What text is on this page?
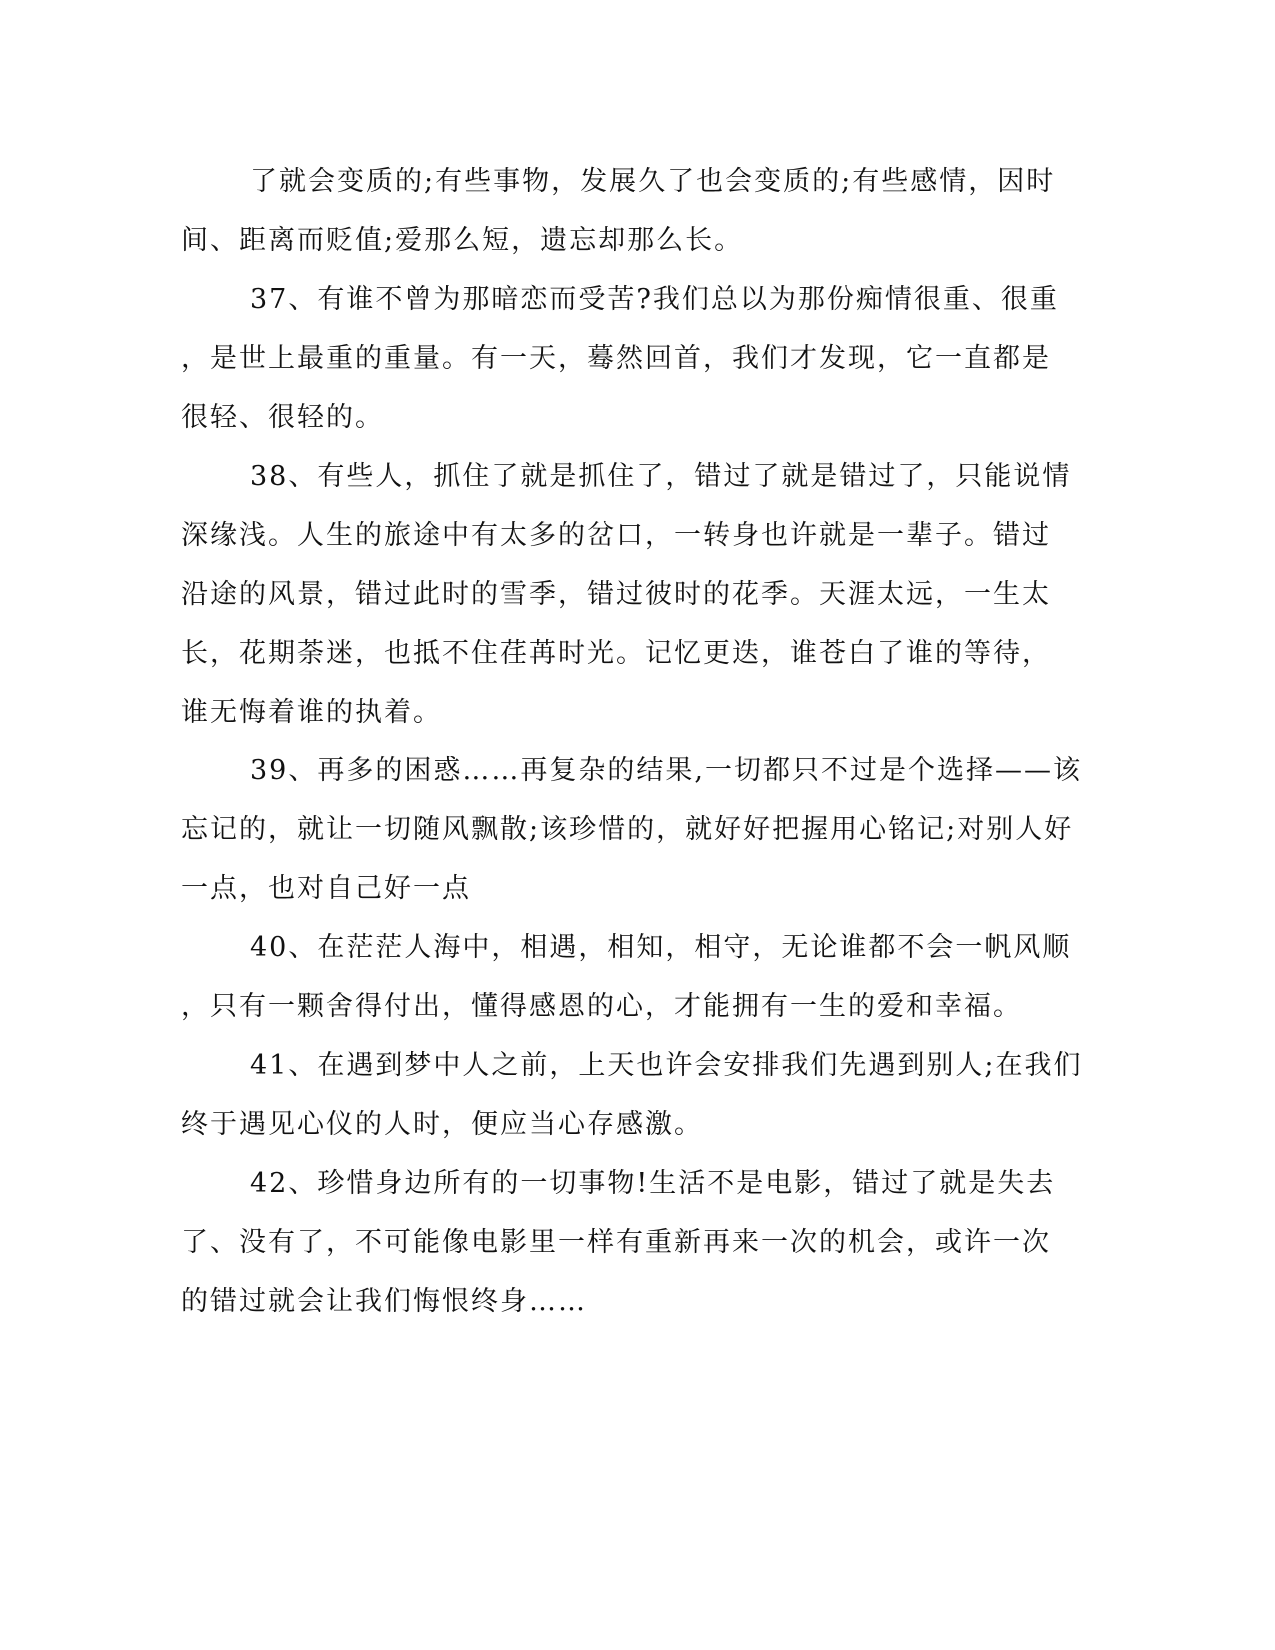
了就会变质的;有些事物，发展久了也会变质的;有些感情，因时
间、距离而贬值;爱那么短，遗忘却那么长。
37、有谁不曾为那暗恋而受苦?我们总以为那份痴情很重、很重
，是世上最重的重量。有一天，蓦然回首，我们才发现，它一直都是
很轻、很轻的。
38、有些人，抓住了就是抓住了，错过了就是错过了，只能说情
深缘浅。人生的旅途中有太多的岔口，一转身也许就是一辈子。错过
沿途的风景，错过此时的雪季，错过彼时的花季。天涯太远，一生太
长，花期荼迷，也抵不住荏苒时光。记忆更迭，谁苍白了谁的等待，
谁无悔着谁的执着。
39、再多的困惑……再复杂的结果,一切都只不过是个选择——该
忘记的，就让一切随风飘散;该珍惜的，就好好把握用心铭记;对别人好
一点，也对自己好一点
40、在茫茫人海中，相遇，相知，相守，无论谁都不会一帆风顺
，只有一颗舍得付出，懂得感恩的心，才能拥有一生的爱和幸福。
41、在遇到梦中人之前，上天也许会安排我们先遇到别人;在我们
终于遇见心仪的人时，便应当心存感激。
42、珍惜身边所有的一切事物!生活不是电影，错过了就是失去
了、没有了，不可能像电影里一样有重新再来一次的机会，或许一次
的错过就会让我们悔恨终身……
